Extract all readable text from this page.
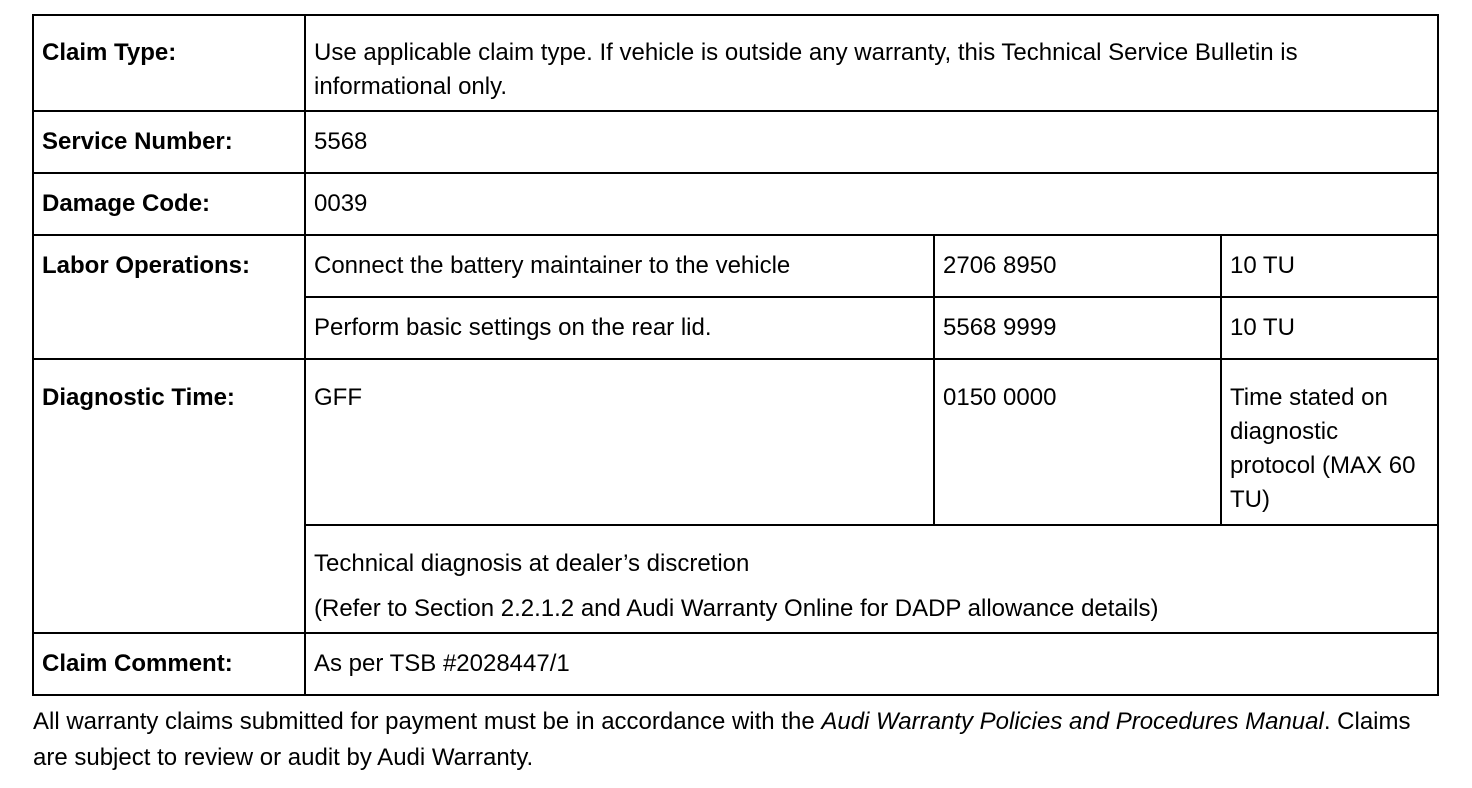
Claim Type:	Use applicable claim type. If vehicle is outside any warranty, this Technical Service Bulletin is informational only.		
Service Number:	5568		
Damage Code:	0039		
Labor Operations:	Connect the battery maintainer to the vehicle	2706 8950	10 TU
	Perform basic settings on the rear lid.	5568 9999	10 TU
Diagnostic Time:	GFF	0150 0000	Time stated on diagnostic protocol (MAX 60 TU)
	Technical diagnosis at dealer’s discretion
(Refer to Section 2.2.1.2 and Audi Warranty Online for DADP allowance details)		

Claim Comment:	As per TSB #2028447/1		
All warranty claims submitted for payment must be in accordance with the Audi Warranty Policies and Procedures Manual. Claims are subject to review or audit by Audi Warranty.
